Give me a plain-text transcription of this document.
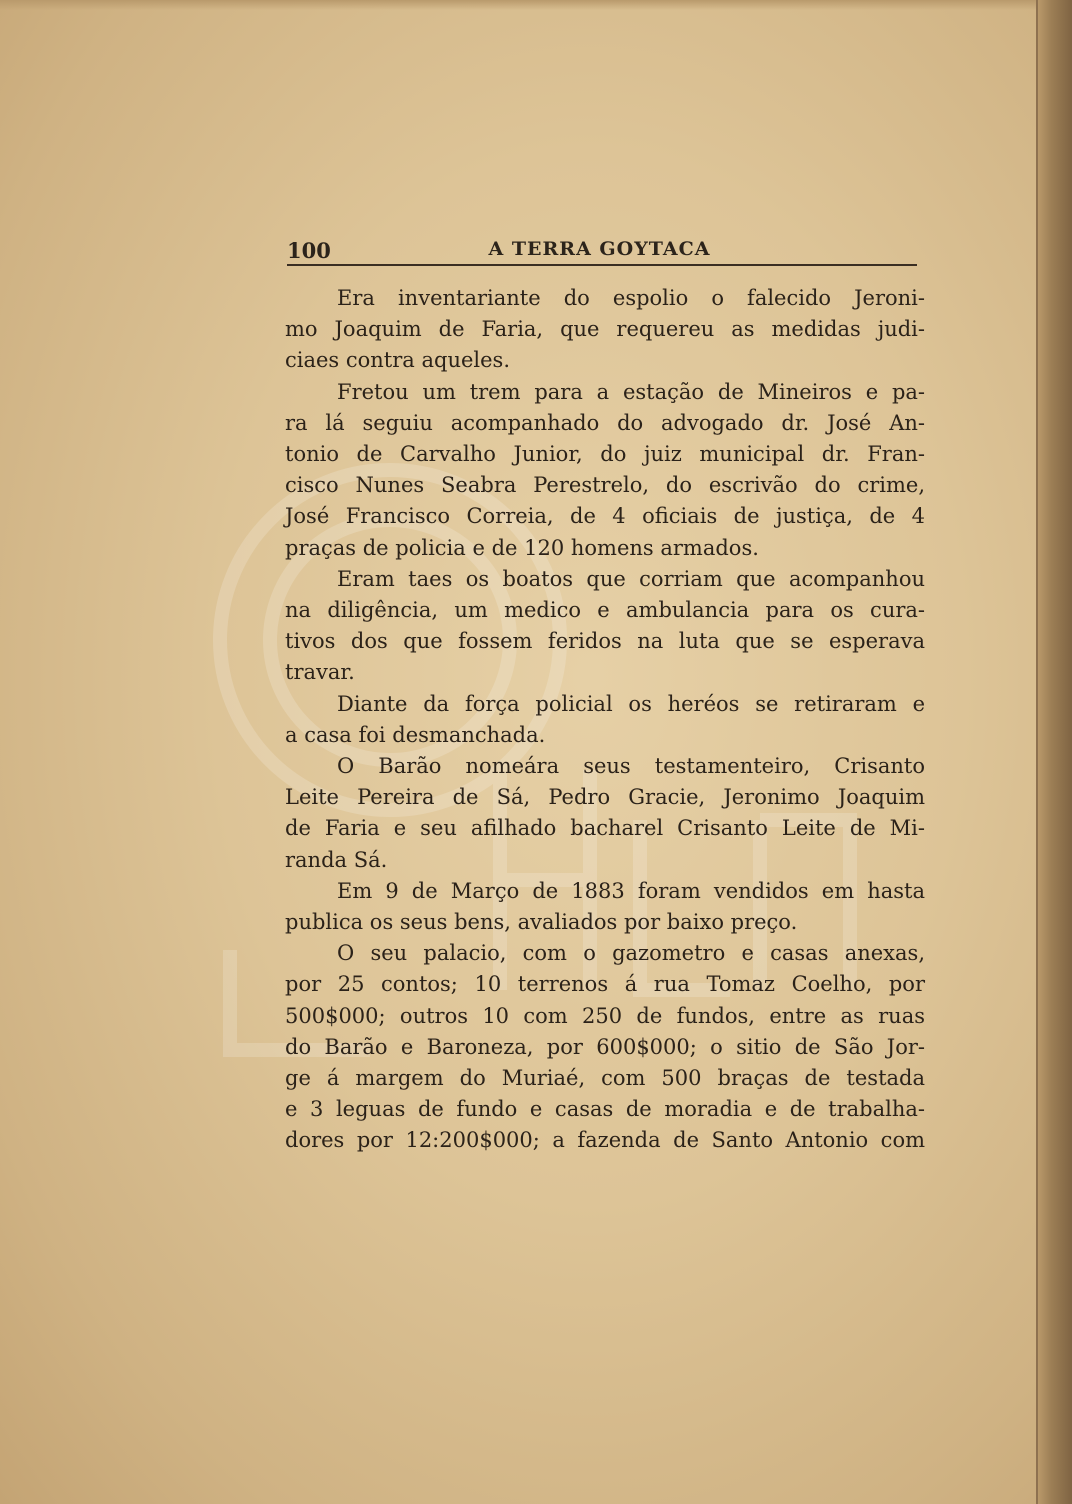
100	A TERRA GOYTACA

Era inventariante do espolio o falecido Jeroni-
mo Joaquim de Faria, que requereu as medidas judi-
ciaes contra aqueles.

Fretou um trem para a estação de Mineiros e pa-
ra lá seguiu acompanhado do advogado dr. José An-
tonio de Carvalho Junior, do juiz municipal dr. Fran-
cisco Nunes Seabra Perestrelo, do escrivão do crime,
José Francisco Correia, de 4 oficiais de justiça, de 4
praças de policia e de 120 homens armados.

Eram taes os boatos que corriam que acompanhou
na diligência, um medico e ambulancia para os cura-
tivos dos que fossem feridos na luta que se esperava
travar.

Diante da força policial os heréos se retiraram e
a casa foi desmanchada.

O Barão nomeára seus testamenteiro, Crisanto
Leite Pereira de Sá, Pedro Gracie, Jeronimo Joaquim
de Faria e seu afilhado bacharel Crisanto Leite de Mi-
randa Sá.

Em 9 de Março de 1883 foram vendidos em hasta
publica os seus bens, avaliados por baixo preço.

O seu palacio, com o gazometro e casas anexas,
por 25 contos; 10 terrenos á rua Tomaz Coelho, por
500$000; outros 10 com 250 de fundos, entre as ruas
do Barão e Baroneza, por 600$000; o sitio de São Jor-
ge á margem do Muriaé, com 500 braças de testada
e 3 leguas de fundo e casas de moradia e de trabalha-
dores por 12:200$000; a fazenda de Santo Antonio com
